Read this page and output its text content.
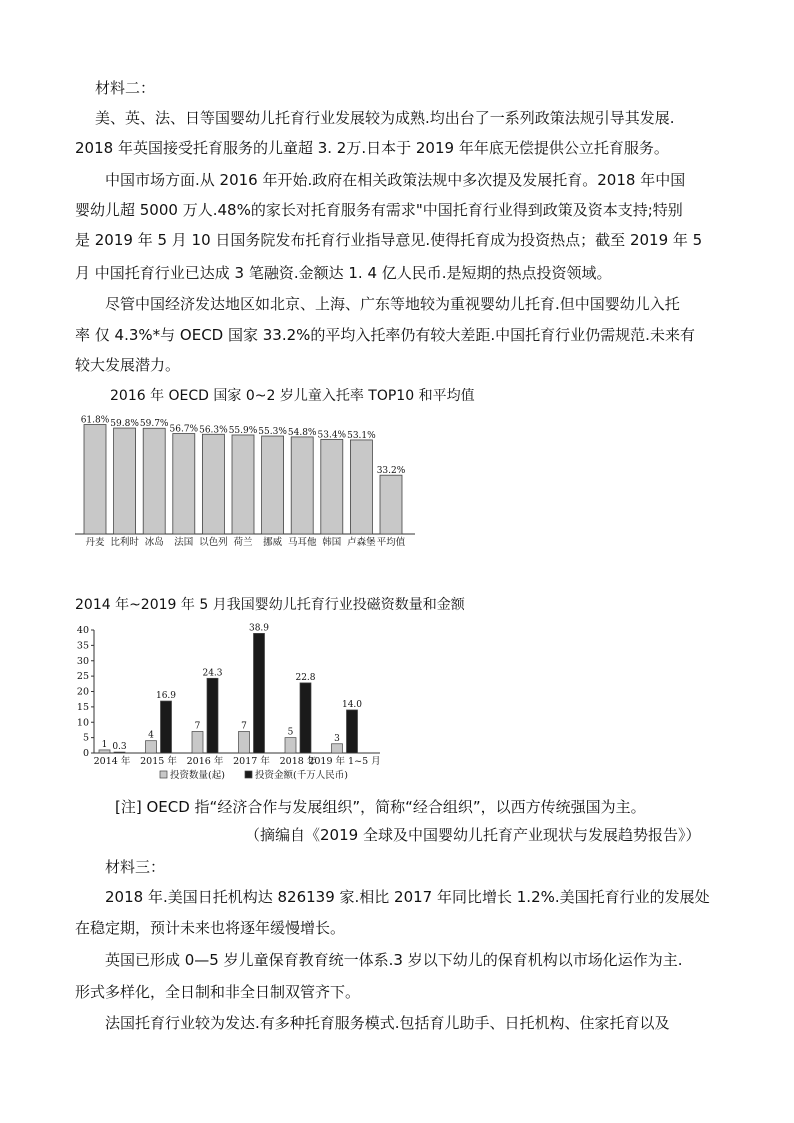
材料二：
美、英、法、日等国婴幼儿托育行业发展较为成熟.均出台了一系列政策法规引导其发展.
2018 年英国接受托育服务的儿童超 3. 2万.日本于 2019 年年底无偿提供公立托育服务。
中国市场方面.从 2016 年开始.政府在相关政策法规中多次提及发展托育。2018 年中国
婴幼儿超 5000 万人.48%的家长对托育服务有需求"中国托育行业得到政策及资本支持;特别
是 2019 年 5 月 10 日国务院发布托育行业指导意见.使得托育成为投资热点；截至 2019 年 5
月 中国托育行业已达成 3 笔融资.金额达 1. 4 亿人民币.是短期的热点投资领域。
尽管中国经济发达地区如北京、上海、广东等地较为重视婴幼儿托育.但中国婴幼儿入托
率 仅 4.3%*与 OECD 国家 33.2%的平均入托率仍有较大差距.中国托育行业仍需规范.未来有
较大发展潜力。
2016 年 OECD 国家 0~2 岁儿童入托率 TOP10 和平均值
61.8%
丹麦
59.8%
比利时
59.7%
冰岛
56.7%
法国
56.3%
以色列
55.9%
荷兰
55.3%
挪威
54.8%
马耳他
53.4%
韩国
53.1%
卢森堡
33.2%
平均值
2014 年~2019 年 5 月我国婴幼儿托育行业投磁资数量和金额
0
5
10
15
20
25
30
35
40
1 0.3
2014 年
4
16.9
2015 年
7
24.3
2016 年
7
38.9
2017 年
5
22.8
2018 年
3
14.0
2019 年 1~5 月
投资数量(起)	投资金额(千万人民币)
[注] OECD 指“经济合作与发展组织”，简称“经合组织”，以西方传统强国为主。
（摘编自《2019 全球及中国婴幼儿托育产业现状与发展趋势报告》）
材料三：
2018 年.美国日托机构达 826139 家.相比 2017 年同比增长 1.2%.美国托育行业的发展处
在稳定期，预计未来也将逐年缓慢增长。
英国已形成 0—5 岁儿童保育教育统一体系.3 岁以下幼儿的保育机构以市场化运作为主.
形式多样化，全日制和非全日制双管齐下。
法国托育行业较为发达.有多种托育服务模式.包括育儿助手、日托机构、住家托育以及
